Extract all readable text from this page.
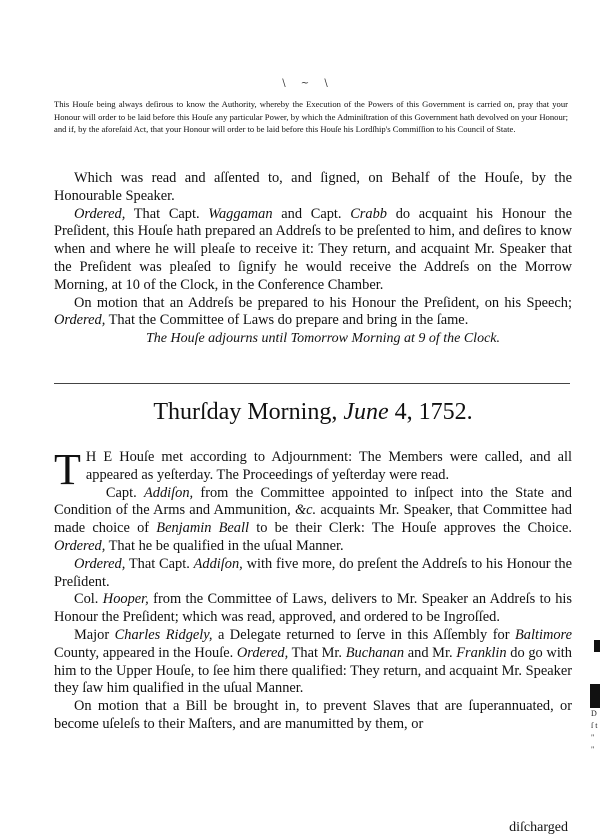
\ ~ \
This Houſe being always deſirous to know the Authority, whereby the Execution of the Powers of this Government is carried on, pray that your Honour will order to be laid before this Houſe any particular Power, by which the Adminiſtration of this Government hath devolved on your Honour; and if, by the aforeſaid Act, that your Honour will order to be laid before this Houſe his Lordſhip's Commiſſion to his Council of State.

Which was read and aſſented to, and ſigned, on Behalf of the Houſe, by the Honourable Speaker.

Ordered, That Capt. Waggaman and Capt. Crabb do acquaint his Honour the Preſident, this Houſe hath prepared an Addreſs to be preſented to him, and deſires to know when and where he will pleaſe to receive it: They return, and acquaint Mr. Speaker that the Preſident was pleaſed to ſignify he would receive the Addreſs on the Morrow Morning, at 10 of the Clock, in the Conference Chamber.

On motion that an Addreſs be prepared to his Honour the Preſident, on his Speech; Ordered, That the Committee of Laws do prepare and bring in the ſame.

The Houſe adjourns until Tomorrow Morning at 9 of the Clock.

Thurſday Morning, June 4, 1752.

T H E Houſe met according to Adjournment: The Members were called, and all appeared as yeſterday. The Proceedings of yeſterday were read.

Capt. Addiſon, from the Committee appointed to inſpect into the State and Condition of the Arms and Ammunition, &c. acquaints Mr. Speaker, that Committee had made choice of Benjamin Beall to be their Clerk: The Houſe approves the Choice. Ordered, That he be qualified in the uſual Manner.

Ordered, That Capt. Addiſon, with five more, do preſent the Addreſs to his Honour the Preſident.

Col. Hooper, from the Committee of Laws, delivers to Mr. Speaker an Addreſs to his Honour the Preſident; which was read, approved, and ordered to be Ingroſſed.

Major Charles Ridgely, a Delegate returned to ſerve in this Aſſembly for Baltimore County, appeared in the Houſe. Ordered, That Mr. Buchanan and Mr. Franklin do go with him to the Upper Houſe, to ſee him there qualified: They return, and acquaint Mr. Speaker they ſaw him qualified in the uſual Manner.

On motion that a Bill be brought in, to prevent Slaves that are ſuperannuated, or become uſeleſs to their Maſters, and are manumitted by them, or

diſcharged
D ſ t " "
